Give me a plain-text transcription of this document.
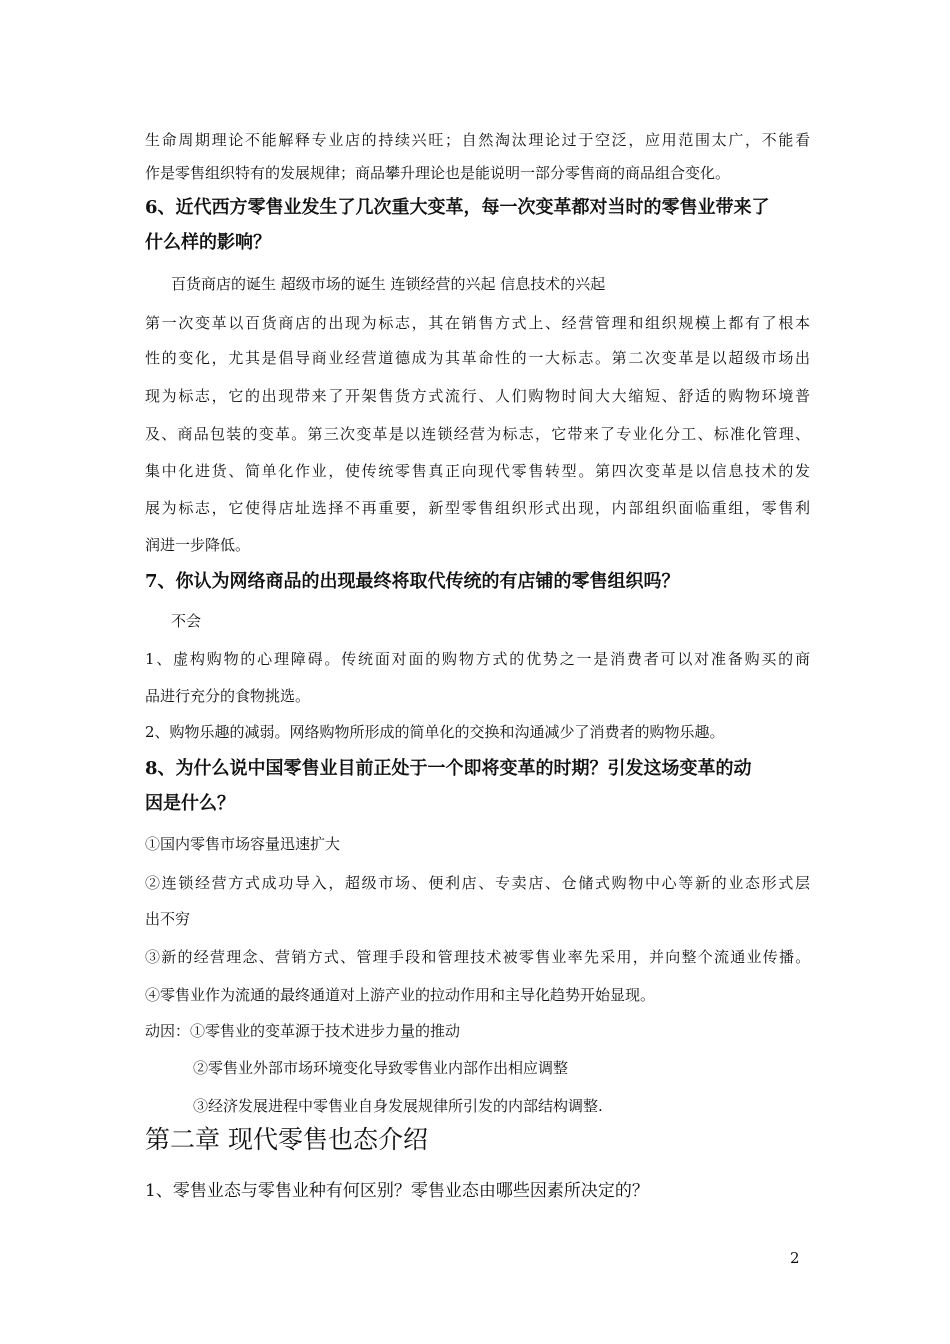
生命周期理论不能解释专业店的持续兴旺；自然淘汰理论过于空泛，应用范围太广，不能看
作是零售组织特有的发展规律；商品攀升理论也是能说明一部分零售商的商品组合变化。
6、近代西方零售业发生了几次重大变革，每一次变革都对当时的零售业带来了
什么样的影响？
百货商店的诞生 超级市场的诞生 连锁经营的兴起 信息技术的兴起
第一次变革以百货商店的出现为标志，其在销售方式上、经营管理和组织规模上都有了根本
性的变化，尤其是倡导商业经营道德成为其革命性的一大标志。第二次变革是以超级市场出
现为标志，它的出现带来了开架售货方式流行、人们购物时间大大缩短、舒适的购物环境普
及、商品包装的变革。第三次变革是以连锁经营为标志，它带来了专业化分工、标准化管理、
集中化进货、简单化作业，使传统零售真正向现代零售转型。第四次变革是以信息技术的发
展为标志，它使得店址选择不再重要，新型零售组织形式出现，内部组织面临重组，零售利
润进一步降低。
7、你认为网络商品的出现最终将取代传统的有店铺的零售组织吗？
不会
1、虚构购物的心理障碍。传统面对面的购物方式的优势之一是消费者可以对准备购买的商
品进行充分的食物挑选。
2、购物乐趣的减弱。网络购物所形成的简单化的交换和沟通减少了消费者的购物乐趣。
8、为什么说中国零售业目前正处于一个即将变革的时期？引发这场变革的动
因是什么？
①国内零售市场容量迅速扩大
②连锁经营方式成功导入，超级市场、便利店、专卖店、仓储式购物中心等新的业态形式层
出不穷
③新的经营理念、营销方式、管理手段和管理技术被零售业率先采用，并向整个流通业传播。
④零售业作为流通的最终通道对上游产业的拉动作用和主导化趋势开始显现。
动因：①零售业的变革源于技术进步力量的推动
②零售业外部市场环境变化导致零售业内部作出相应调整
③经济发展进程中零售业自身发展规律所引发的内部结构调整.
第二章 现代零售也态介绍
1、零售业态与零售业种有何区别？零售业态由哪些因素所决定的？
2
